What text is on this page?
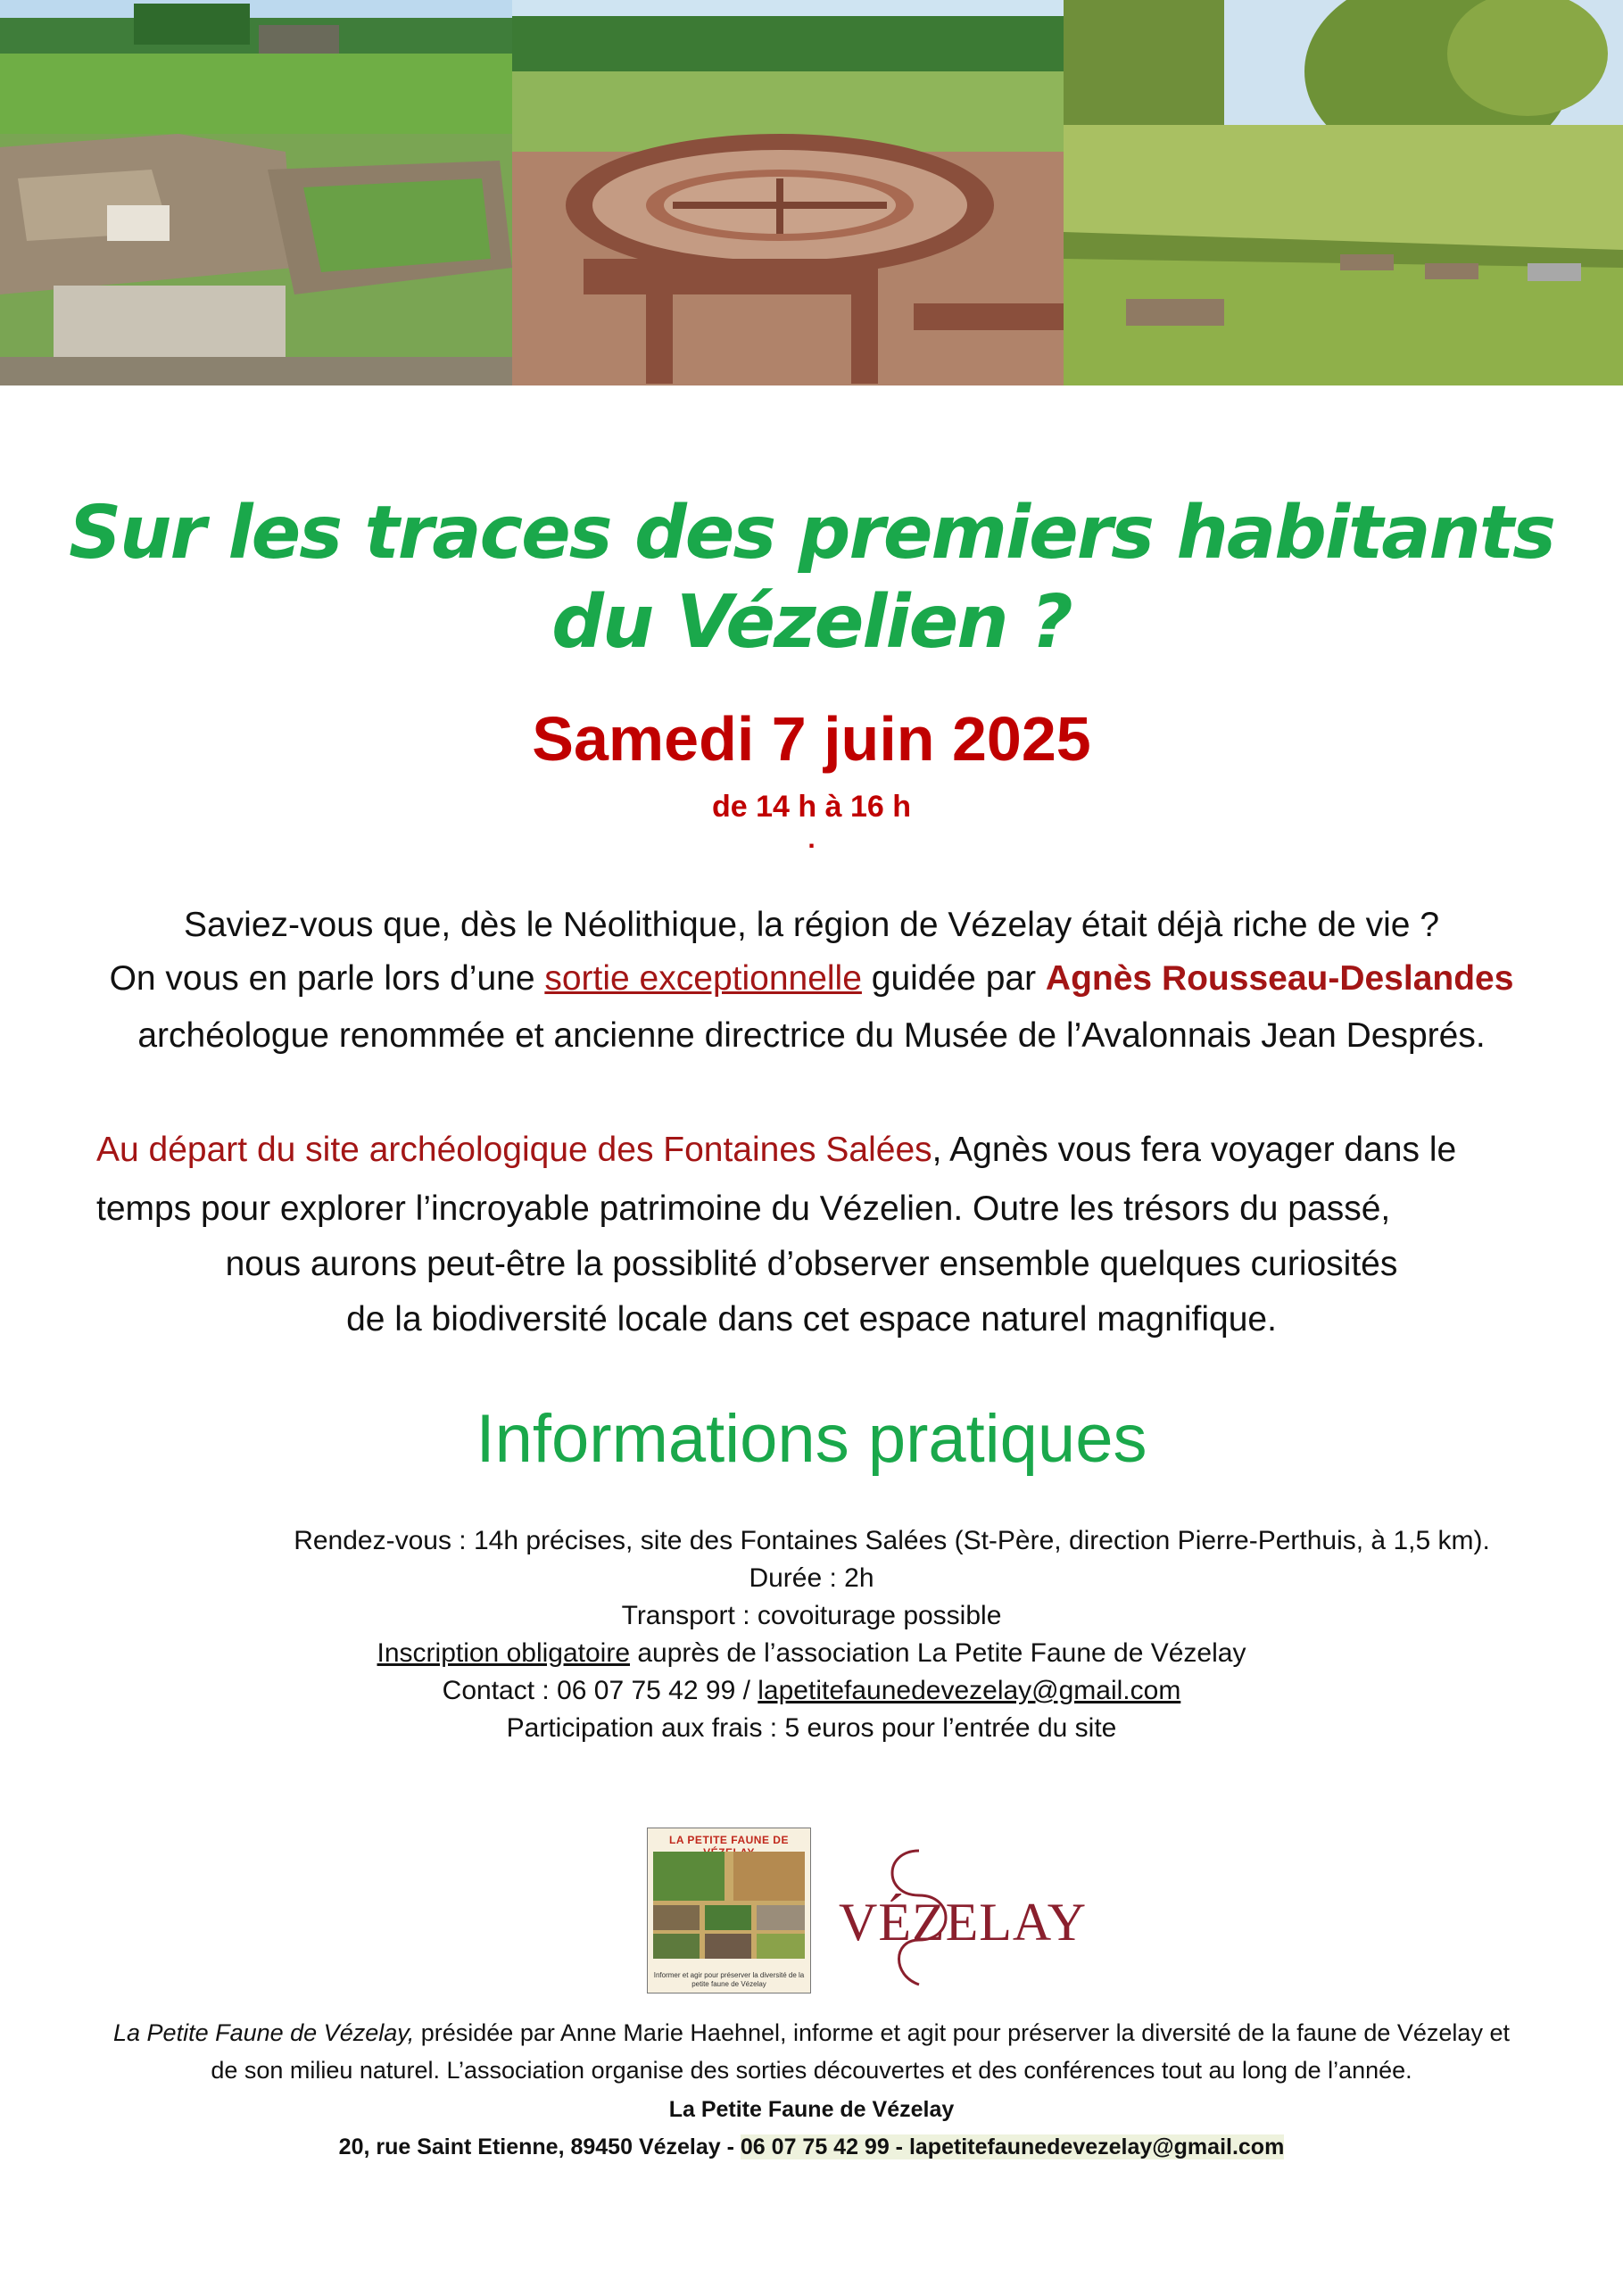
Sur les traces des premiers habitants
du Vézelien ?
Samedi 7 juin 2025
de 14 h à 16 h
.
Saviez-vous que, dès le Néolithique, la région de Vézelay était déjà riche de vie ?
On vous en parle lors d’une sortie exceptionnelle guidée par Agnès Rousseau-Deslandes
archéologue renommée et ancienne directrice du Musée de l’Avalonnais Jean Després.
Au départ du site archéologique des Fontaines Salées, Agnès vous fera voyager dans le
temps pour explorer l’incroyable patrimoine du Vézelien. Outre les trésors du passé,
nous aurons peut-être la possiblité d’observer ensemble quelques curiosités
de la biodiversité locale dans cet espace naturel magnifique.
Informations pratiques
Rendez-vous : 14h précises, site des Fontaines Salées (St-Père, direction Pierre-Perthuis, à 1,5 km).
Durée : 2h
Transport : covoiturage possible
Inscription obligatoire auprès de l’association La Petite Faune de Vézelay
Contact : 06 07 75 42 99 / lapetitefaunedevezelay@gmail.com
Participation aux frais : 5 euros pour l’entrée du site
LA PETITE FAUNE DE
Informer et agir pour préserver la diversité de la petite faune de Vézelay
VÉZELAY
La Petite Faune de Vézelay, présidée par Anne Marie Haehnel, informe et agit pour préserver la diversité de la faune de Vézelay et
de son milieu naturel. L’association organise des sorties découvertes et des conférences tout au long de l’année.
La Petite Faune de Vézelay
20, rue Saint Etienne, 89450 Vézelay - 06 07 75 42 99 - lapetitefaunedevezelay@gmail.com
